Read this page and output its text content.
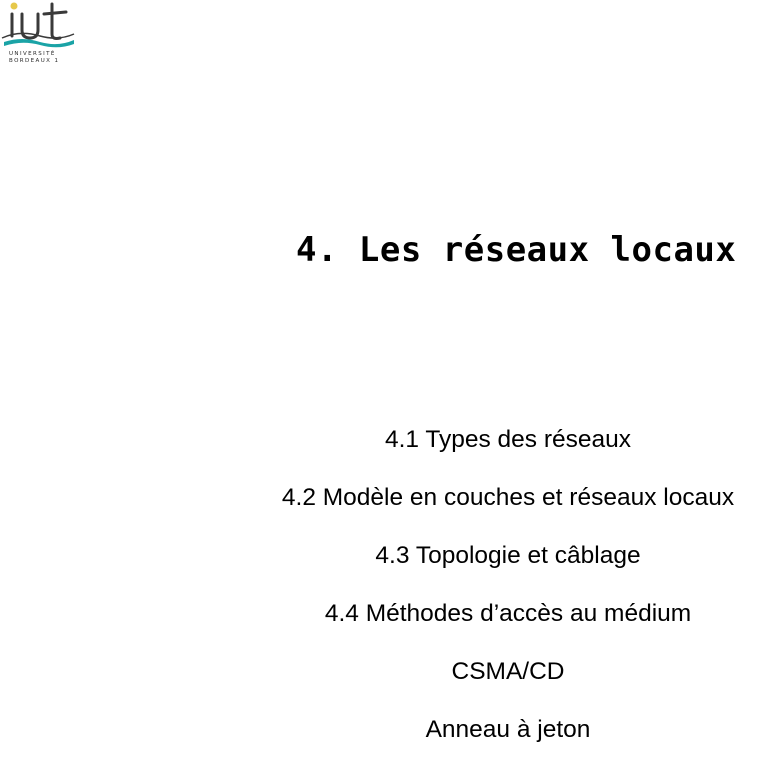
UNIVERSITÉ
BORDEAUX 1
4. Les réseaux locaux
4.1 Types des réseaux
4.2 Modèle en couches et réseaux locaux
4.3 Topologie et câblage
4.4 Méthodes d’accès au médium
CSMA/CD
Anneau à jeton
